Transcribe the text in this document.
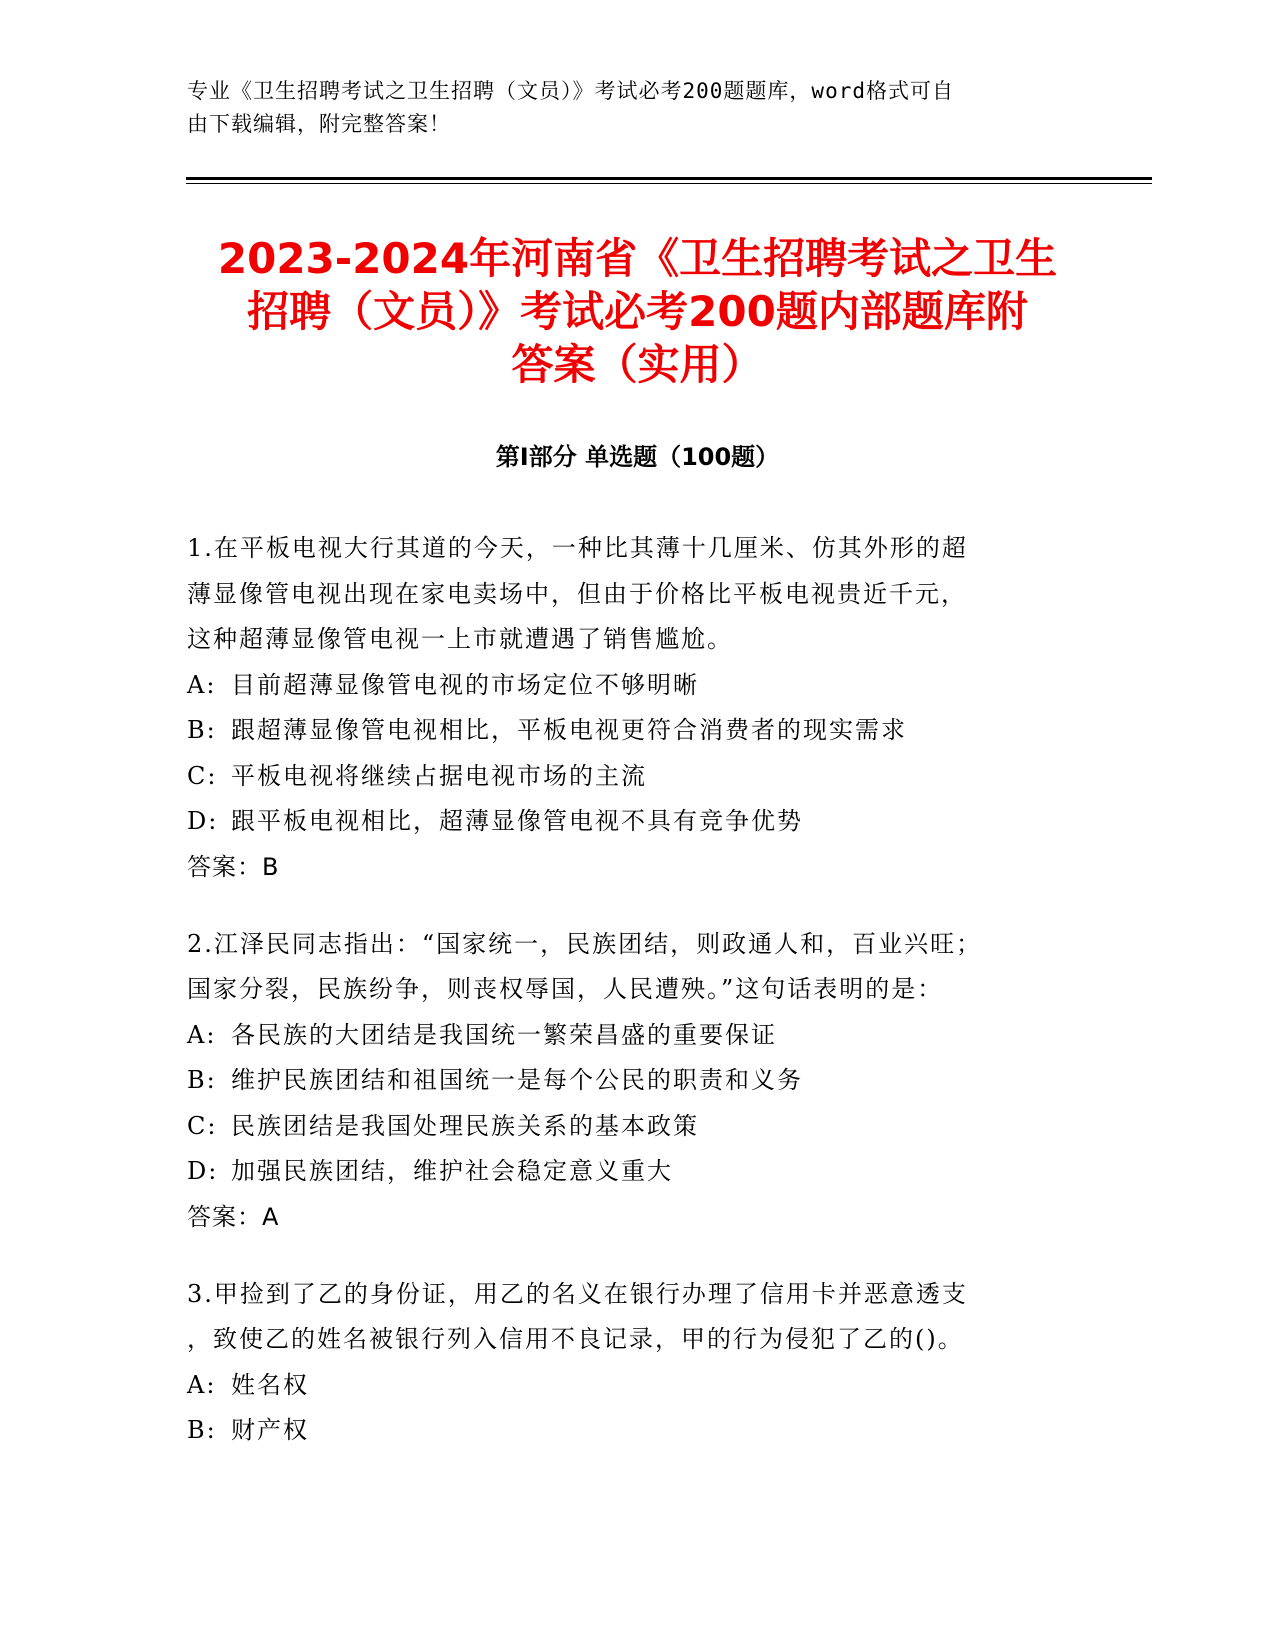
专业《卫生招聘考试之卫生招聘（文员）》考试必考200题题库，word格式可自
由下载编辑，附完整答案！
2023-2024年河南省《卫生招聘考试之卫生
招聘（文员）》考试必考200题内部题库附
答案（实用）
第Ⅰ部分 单选题（100题）
1.在平板电视大行其道的今天，一种比其薄十几厘米、仿其外形的超
薄显像管电视出现在家电卖场中，但由于价格比平板电视贵近千元，
这种超薄显像管电视一上市就遭遇了销售尴尬。
A: 目前超薄显像管电视的市场定位不够明晰
B: 跟超薄显像管电视相比，平板电视更符合消费者的现实需求
C: 平板电视将继续占据电视市场的主流
D: 跟平板电视相比，超薄显像管电视不具有竞争优势
答案：B
2.江泽民同志指出：“国家统一，民族团结，则政通人和，百业兴旺；
国家分裂，民族纷争，则丧权辱国，人民遭殃。”这句话表明的是：
A: 各民族的大团结是我国统一繁荣昌盛的重要保证
B: 维护民族团结和祖国统一是每个公民的职责和义务
C: 民族团结是我国处理民族关系的基本政策
D: 加强民族团结，维护社会稳定意义重大
答案：A
3.甲捡到了乙的身份证，用乙的名义在银行办理了信用卡并恶意透支
，致使乙的姓名被银行列入信用不良记录，甲的行为侵犯了乙的()。
A: 姓名权
B: 财产权
